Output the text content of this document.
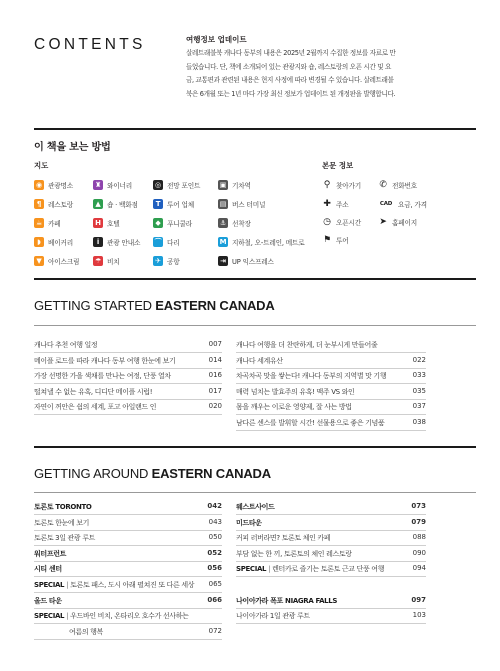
CONTENTS	여행정보 업데이트

살레트래블북 캐나다 동부의 내용은 2025년 2월까지 수집한 정보를 자료로 만
들었습니다. 단, 책에 소개되어 있는 관광지와 숍, 레스토랑의 오픈 시간 및 요
금, 교통편과 관련된 내용은 현지 사정에 따라 변경될 수 있습니다. 살레트래블
북은 6개월 또는 1년 마다 가장 최신 정보가 업데이트 된 개정판을 발행합니다.

이 책을 보는 방법
지도	본문 정보
◉ 관광명소	♜ 와이너리	◎ 전망 포인트	▣ 기차역
¶	레스토랑	▲ 숍 · 백화점	T	투어 업체	▤ 버스 터미널
☕ 카페	H 호텔	◆ 푸니쿨라	⚓ 선착장
◗	베이커리	i	관광 안내소 ⌒ 다리	M 지하철, 오-트레인, 메트로
▼ 아이스크림 ☂ 비치	✈ 공항	⇥ UP 익스프레스
⚲ 찾아가기 ✆ 전화번호
✚ 주소	CAD 요금, 가격
◷ 오픈시간 ➤ 홈페이지
⚑ 투어
GETTING STARTED EASTERN CANADA
캐나다 추천 여행 일정	007
메이플 로드를 따라 캐나다 동부 여행 한눈에 보기	014
가장 선명한 가을 색채를 만나는 여정, 단풍 열차	016
떨쳐낼 수 없는 유혹, 디디단 메이플 시럽!	017
자연이 꺼안은 쉼의 세계, 포고 아일랜드 인	020
캐나다 여행을 더 찬란하게, 더 눈부시게 만들어줄
캐나다 세계유산	022
차곡차곡 맛을 쌓는다! 캐나다 동부의 지역별 맛 기행	033
매력 넘치는 발효주의 유혹! 맥주 VS 와인	035
몸을 깨우는 이로운 영양제, 잘 사는 방법	037
남다른 센스를 발휘할 시간! 선물용으로 좋은 기념품	038
GETTING AROUND EASTERN CANADA
토론토 TORONTO	042
토론토 한눈에 보기	043
토론토 3일 관광 루트	050
워터프런트	052
시티 센터	056
SPECIAL | 토론토 패스, 도시 아래 펼쳐진 또 다른 세상 065
올드 타운	066
SPECIAL | 우드바인 비치, 온타리오 호수가 선사하는
여름의 행복	072
웨스트사이드	073
미드타운	079
커피 러버라면? 토론토 체인 카페	088
부담 없는 한 끼, 토론토의 체인 레스토랑	090
SPECIAL | 렌터카로 즐기는 토론토 근교 단풍 여행	094
나이아가라 폭포 NIAGRA FALLS	097
나이아가라 1일 관광 루트	103
